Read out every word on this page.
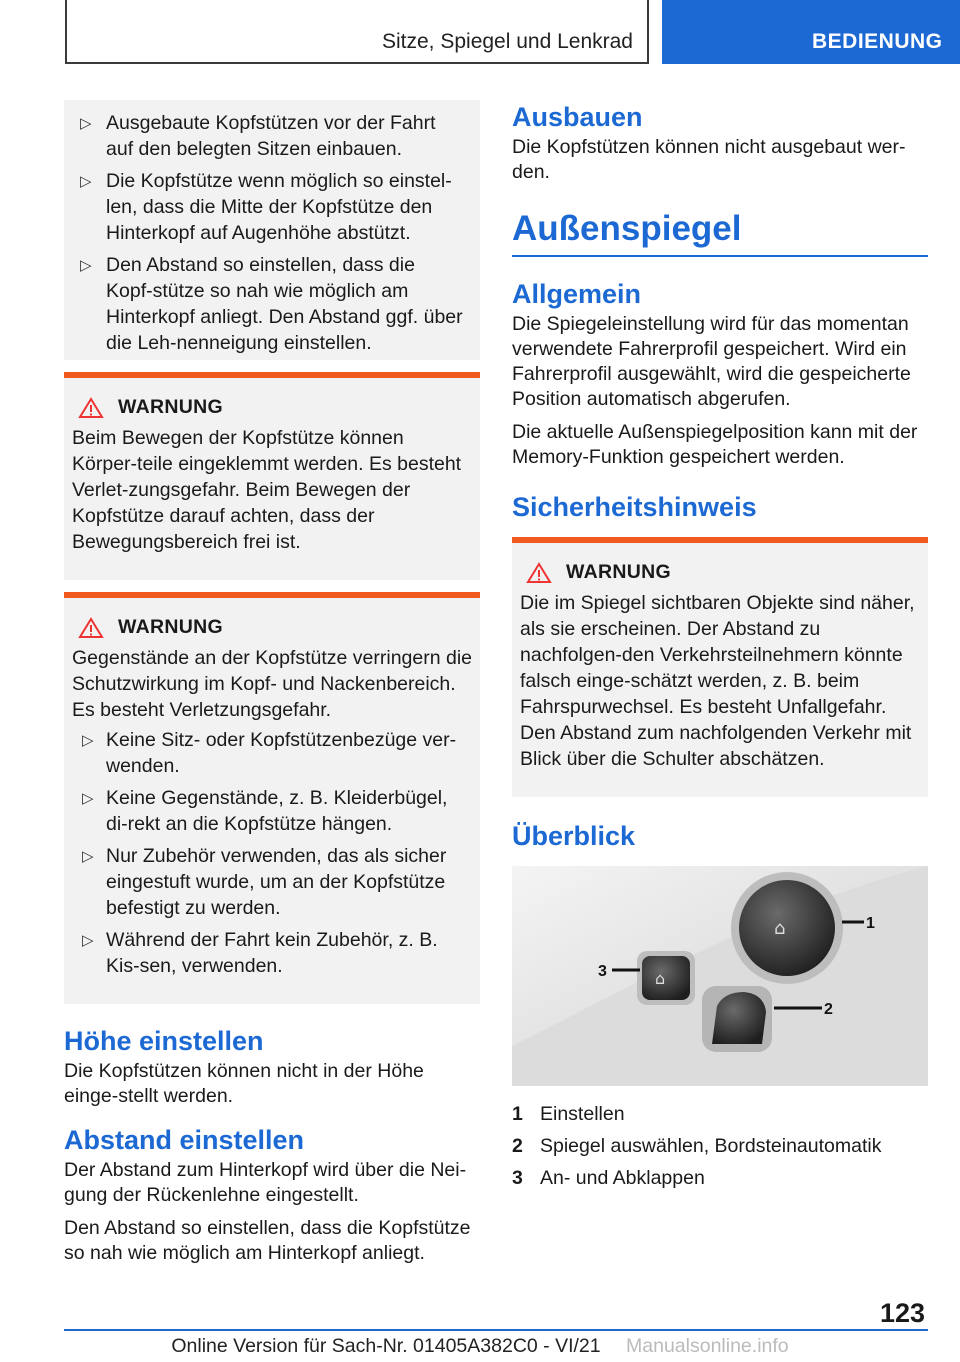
Sitze, Spiegel und Lenkrad	BEDIENUNG
▷ Ausgebaute Kopfstützen vor der Fahrt auf den belegten Sitzen einbauen.
▷ Die Kopfstütze wenn möglich so einstel‐len, dass die Mitte der Kopfstütze den Hinterkopf auf Augenhöhe abstützt.
▷ Den Abstand so einstellen, dass die Kopf‐stütze so nah wie möglich am Hinterkopf anliegt. Den Abstand ggf. über die Leh‐nenneigung einstellen.
WARNUNG

Beim Bewegen der Kopfstütze können Körper‐teile eingeklemmt werden. Es besteht Verlet‐zungsgefahr. Beim Bewegen der Kopfstütze darauf achten, dass der Bewegungsbereich frei ist.

WARNUNG

Gegenstände an der Kopfstütze verringern die Schutzwirkung im Kopf- und Nackenbereich. Es besteht Verletzungsgefahr.

▷ Keine Sitz- oder Kopfstützenbezüge ver‐wenden.
▷ Keine Gegenstände, z. B. Kleiderbügel, di‐rekt an die Kopfstütze hängen.
▷ Nur Zubehör verwenden, das als sicher eingestuft wurde, um an der Kopfstütze befestigt zu werden.
▷ Während der Fahrt kein Zubehör, z. B. Kis‐sen, verwenden.
Höhe einstellen

Die Kopfstützen können nicht in der Höhe einge‐stellt werden.

Abstand einstellen

Der Abstand zum Hinterkopf wird über die Nei‐gung der Rückenlehne eingestellt.

Den Abstand so einstellen, dass die Kopfstütze so nah wie möglich am Hinterkopf anliegt.

Ausbauen

Die Kopfstützen können nicht ausgebaut wer‐den.

Außenspiegel
Allgemein

Die Spiegeleinstellung wird für das momentan verwendete Fahrerprofil gespeichert. Wird ein Fahrerprofil ausgewählt, wird die gespeicherte Position automatisch abgerufen.

Die aktuelle Außenspiegelposition kann mit der Memory-Funktion gespeichert werden.

Sicherheitshinweis
WARNUNG

Die im Spiegel sichtbaren Objekte sind näher, als sie erscheinen. Der Abstand zu nachfolgen‐den Verkehrsteilnehmern könnte falsch einge‐schätzt werden, z. B. beim Fahrspurwechsel. Es besteht Unfallgefahr. Den Abstand zum nachfolgenden Verkehr mit Blick über die Schulter abschätzen.

Überblick
⌂
⌂
1
2
3
1 Einstellen
2 Spiegel auswählen, Bordsteinautomatik
3 An- und Abklappen
123
Online Version für Sach-Nr. 01405A382C0 - VI/21 Manualsonline.info
